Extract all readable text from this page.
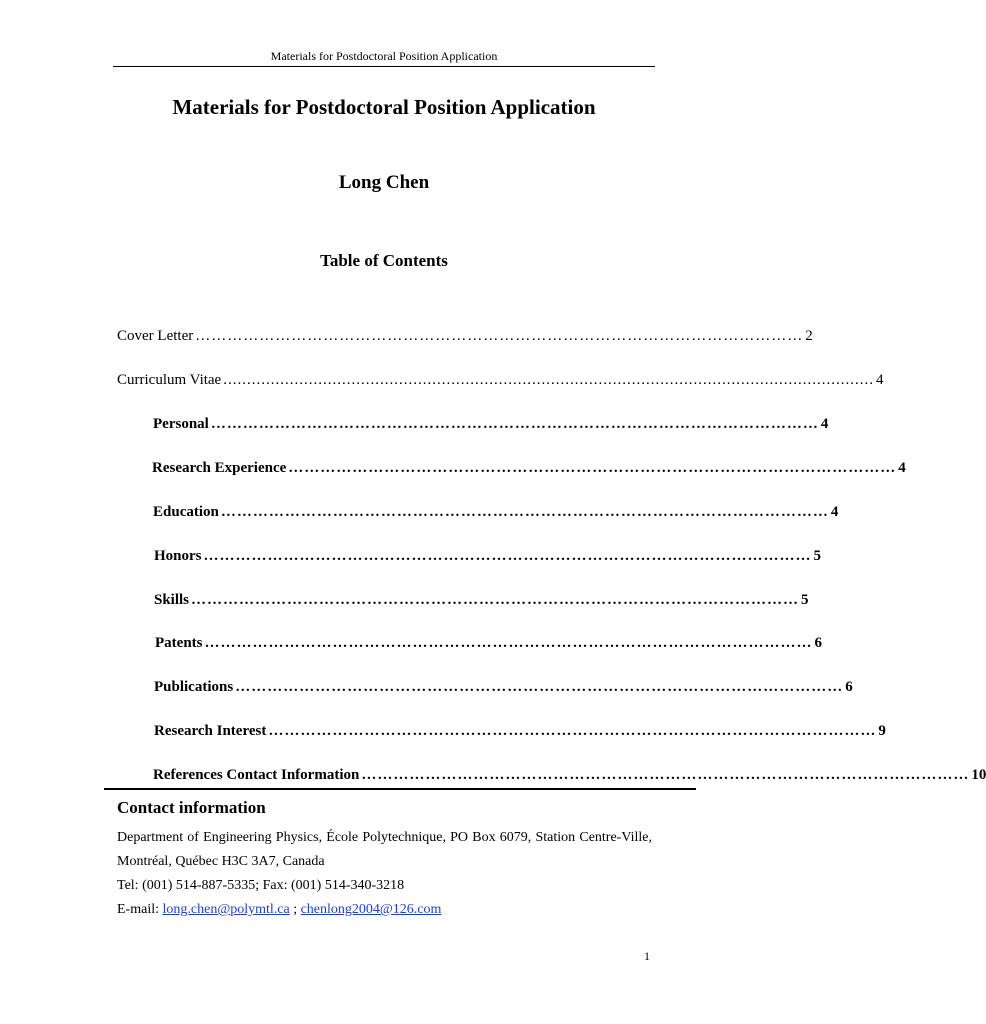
Materials for Postdoctoral Position Application
Materials for Postdoctoral Position Application
Long Chen
Table of Contents
Cover Letter …………………………………………………………………………………………………… 2
Curriculum Vitae ......................................................................................................................................... 4
Personal …………………………………………………………………………………………………… 4
Research Experience …………………………………………………………………………………………………… 4
Education …………………………………………………………………………………………………… 4
Honors …………………………………………………………………………………………………… 5
Skills …………………………………………………………………………………………………… 5
Patents …………………………………………………………………………………………………… 6
Publications …………………………………………………………………………………………………… 6
Research Interest …………………………………………………………………………………………………… 9
References Contact Information …………………………………………………………………………………………………… 10
Contact information
Department of Engineering Physics, École Polytechnique, PO Box 6079, Station Centre-Ville, Montréal, Québec H3C 3A7, Canada
Tel: (001) 514-887-5335; Fax: (001) 514-340-3218
E-mail: long.chen@polymtl.ca ; chenlong2004@126.com
1
